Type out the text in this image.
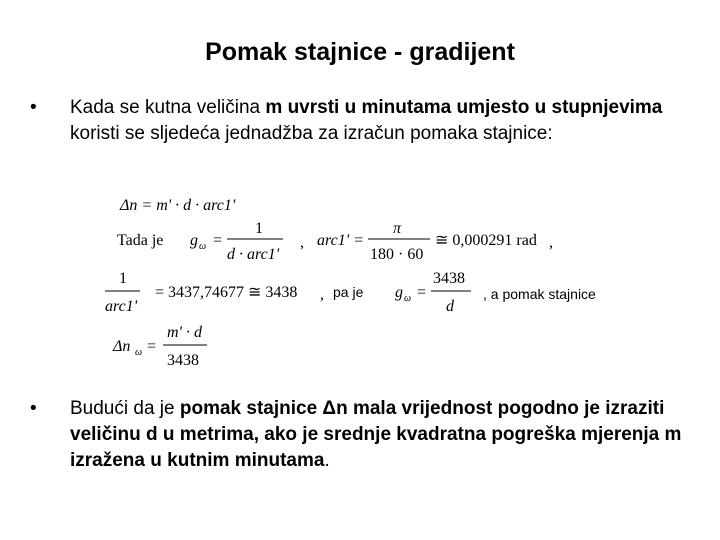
Pomak stajnice - gradijent
• Kada se kutna veličina m uvrsti u minutama umjesto u stupnjevima koristi se sljedeća jednadžba za izračun pomaka stajnice:
Δn = m' · d · arc1'
Tada je g ω =
1
d · arc1'
, arc1' =
π
180 · 60
≅ 0,000291 rad ,
1
arc1'
= 3437,74677 ≅ 3438 , pa je g ω =
3438
d
, a pomak stajnice
Δn ω =
m' · d
3438
• Budući da je pomak stajnice Δn mala vrijednost pogodno je izraziti veličinu d u metrima, ako je srednje kvadratna pogreška mjerenja m izražena u kutnim minutama.
